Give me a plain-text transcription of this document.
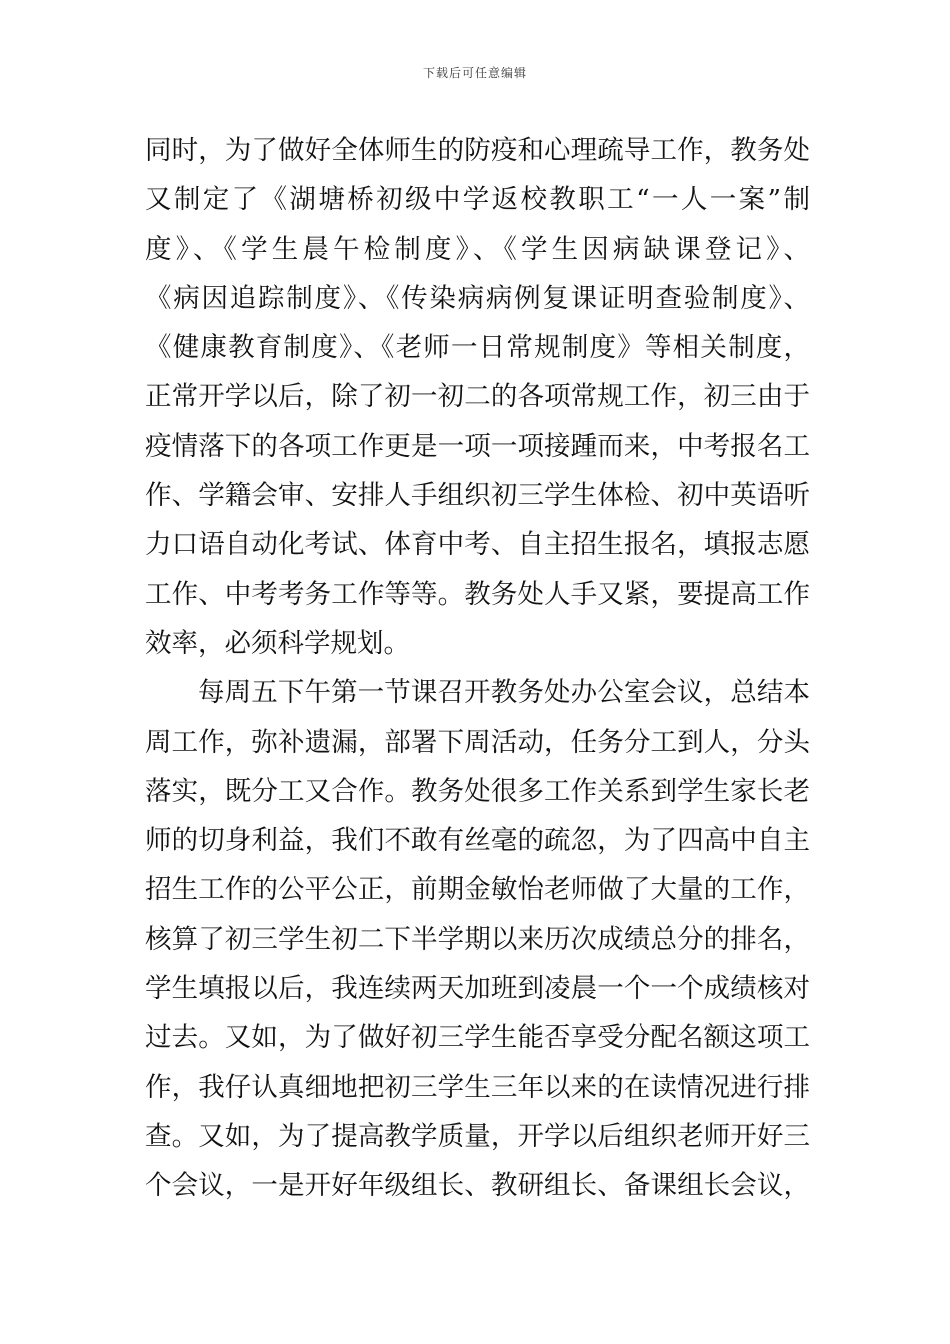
下载后可任意编辑
同时，为了做好全体师生的防疫和心理疏导工作，教务处
又制定了《湖塘桥初级中学返校教职工“一人一案”制
度》、《学生晨午检制度》、《学生因病缺课登记》、
《病因追踪制度》、《传染病病例复课证明查验制度》、
《健康教育制度》、《老师一日常规制度》等相关制度，
正常开学以后，除了初一初二的各项常规工作，初三由于
疫情落下的各项工作更是一项一项接踵而来，中考报名工
作、学籍会审、安排人手组织初三学生体检、初中英语听
力口语自动化考试、体育中考、自主招生报名，填报志愿
工作、中考考务工作等等。教务处人手又紧，要提高工作
效率，必须科学规划。
每周五下午第一节课召开教务处办公室会议，总结本
周工作，弥补遗漏，部署下周活动，任务分工到人，分头
落实，既分工又合作。教务处很多工作关系到学生家长老
师的切身利益，我们不敢有丝毫的疏忽，为了四高中自主
招生工作的公平公正，前期金敏怡老师做了大量的工作，
核算了初三学生初二下半学期以来历次成绩总分的排名，
学生填报以后，我连续两天加班到凌晨一个一个成绩核对
过去。又如，为了做好初三学生能否享受分配名额这项工
作，我仔认真细地把初三学生三年以来的在读情况进行排
查。又如，为了提高教学质量，开学以后组织老师开好三
个会议，一是开好年级组长、教研组长、备课组长会议，
